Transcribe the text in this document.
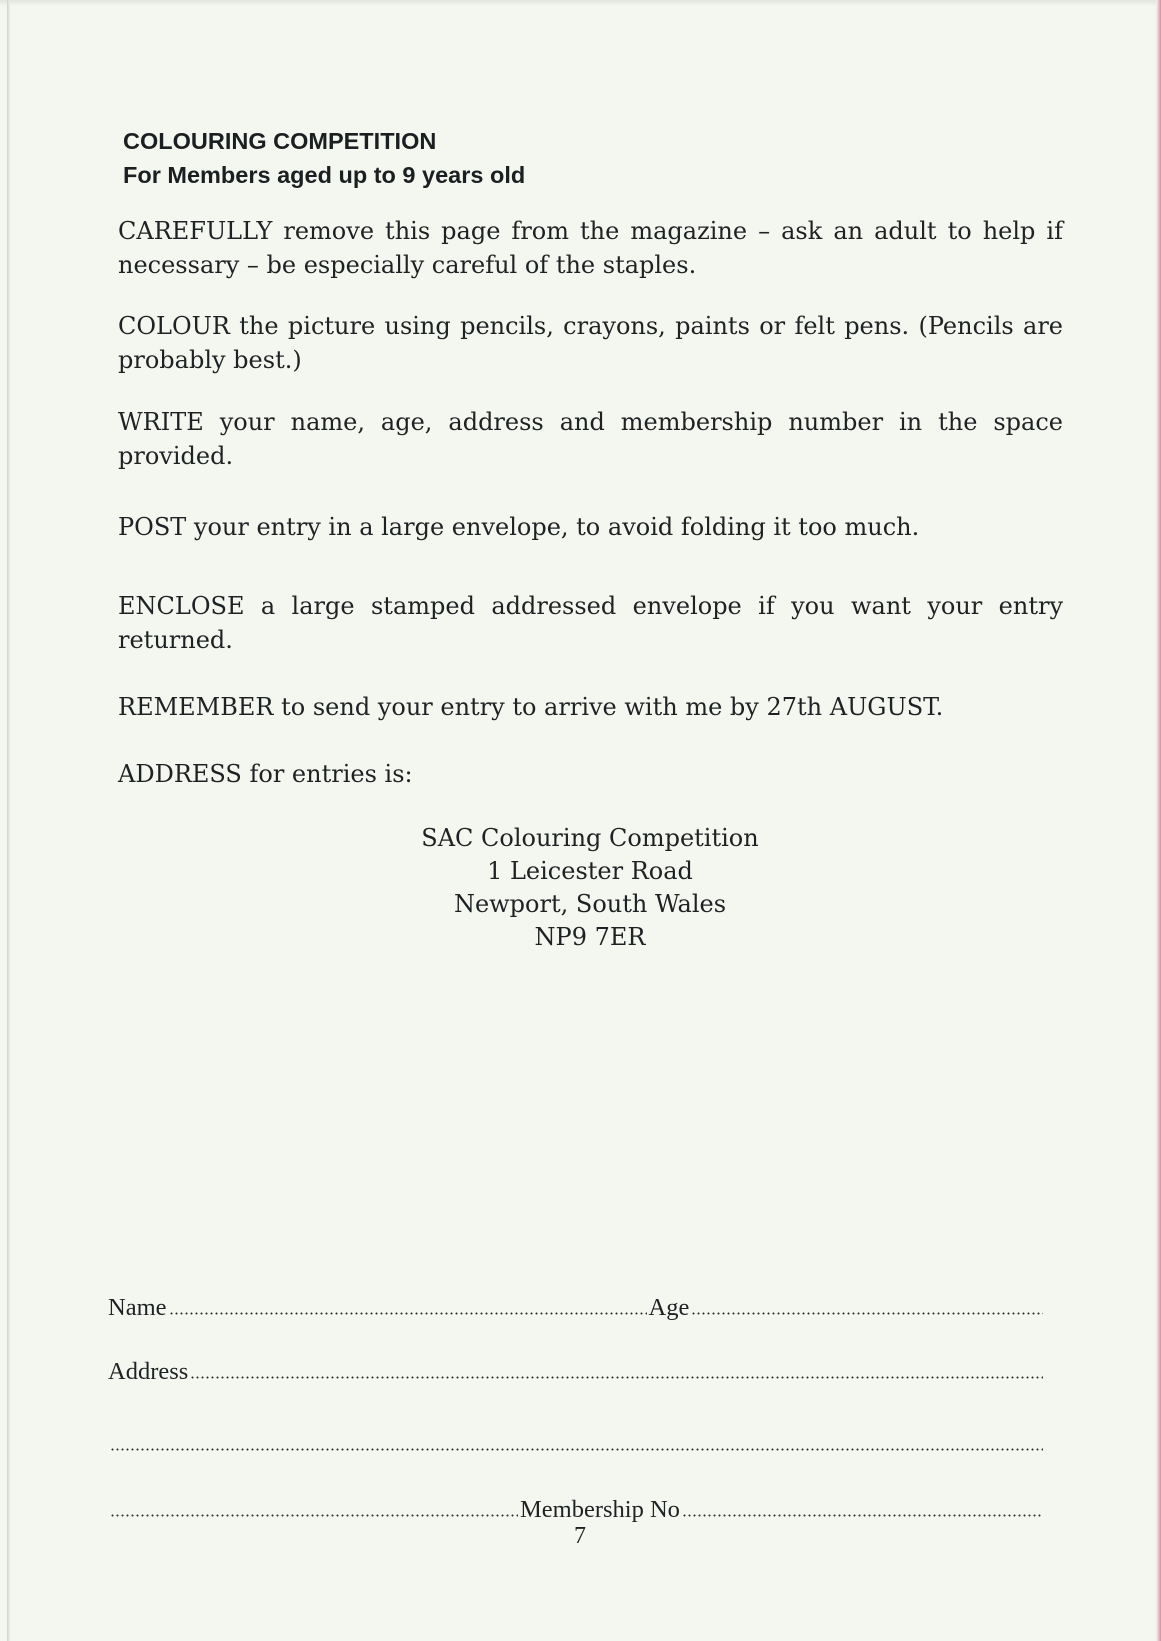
COLOURING COMPETITION
For Members aged up to 9 years old
CAREFULLY remove this page from the magazine – ask an adult to help if
necessary – be especially careful of the staples.
COLOUR the picture using pencils, crayons, paints or felt pens. (Pencils are
probably best.)
WRITE your name, age, address and membership number in the space
provided.
POST your entry in a large envelope, to avoid folding it too much.
ENCLOSE a large stamped addressed envelope if you want your entry
returned.
REMEMBER to send your entry to arrive with me by 27th AUGUST.
ADDRESS for entries is:
SAC Colouring Competition
1 Leicester Road
Newport, South Wales
NP9 7ER
Name	Age
Address
Membership No
7
